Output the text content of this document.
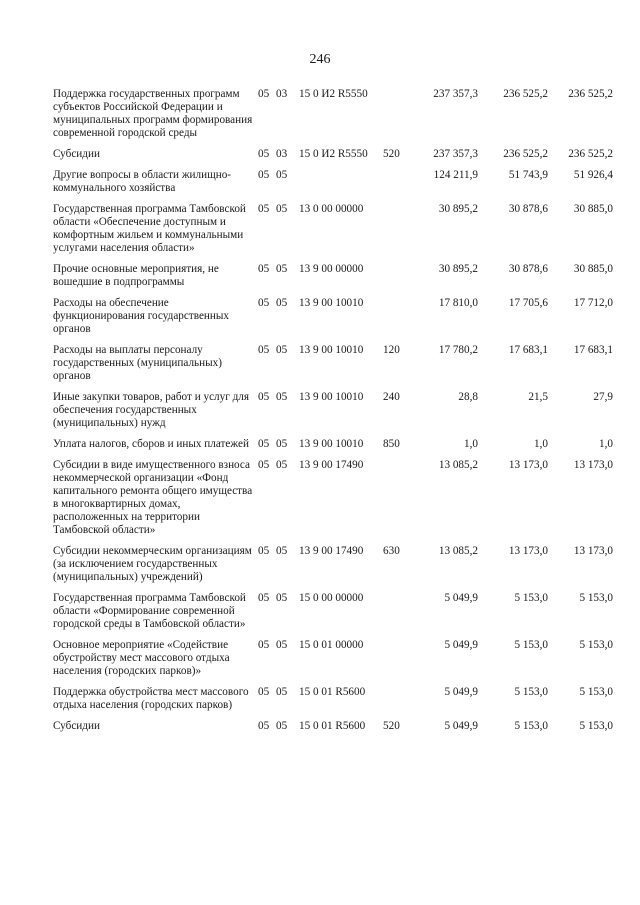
246
Поддержка государственных программ субъектов Российской Федерации и муниципальных программ формирования современной городской среды	05	03	15 0 И2 R5550		237 357,3	236 525,2	236 525,2
Субсидии	05	03	15 0 И2 R5550	520	237 357,3	236 525,2	236 525,2
Другие вопросы в области жилищно-коммунального хозяйства	05	05			124 211,9	51 743,9	51 926,4
Государственная программа Тамбовской области «Обеспечение доступным и комфортным жильем и коммунальными услугами населения области»	05	05	13 0 00 00000		30 895,2	30 878,6	30 885,0
Прочие основные мероприятия, не вошедшие в подпрограммы	05	05	13 9 00 00000		30 895,2	30 878,6	30 885,0
Расходы на обеспечение функционирования государственных органов	05	05	13 9 00 10010		17 810,0	17 705,6	17 712,0
Расходы на выплаты персоналу государственных (муниципальных) органов	05	05	13 9 00 10010	120	17 780,2	17 683,1	17 683,1
Иные закупки товаров, работ и услуг для обеспечения государственных (муниципальных) нужд	05	05	13 9 00 10010	240	28,8	21,5	27,9
Уплата налогов, сборов и иных платежей	05	05	13 9 00 10010	850	1,0	1,0	1,0
Субсидии в виде имущественного взноса некоммерческой организации «Фонд капитального ремонта общего имущества в многоквартирных домах, расположенных на территории Тамбовской области»	05	05	13 9 00 17490		13 085,2	13 173,0	13 173,0
Субсидии некоммерческим организациям (за исключением государственных (муниципальных) учреждений)	05	05	13 9 00 17490	630	13 085,2	13 173,0	13 173,0
Государственная программа Тамбовской области «Формирование современной городской среды в Тамбовской области»	05	05	15 0 00 00000		5 049,9	5 153,0	5 153,0
Основное мероприятие «Содействие обустройству мест массового отдыха населения (городских парков)»	05	05	15 0 01 00000		5 049,9	5 153,0	5 153,0
Поддержка обустройства мест массового отдыха населения (городских парков)	05	05	15 0 01 R5600		5 049,9	5 153,0	5 153,0
Субсидии	05	05	15 0 01 R5600	520	5 049,9	5 153,0	5 153,0
